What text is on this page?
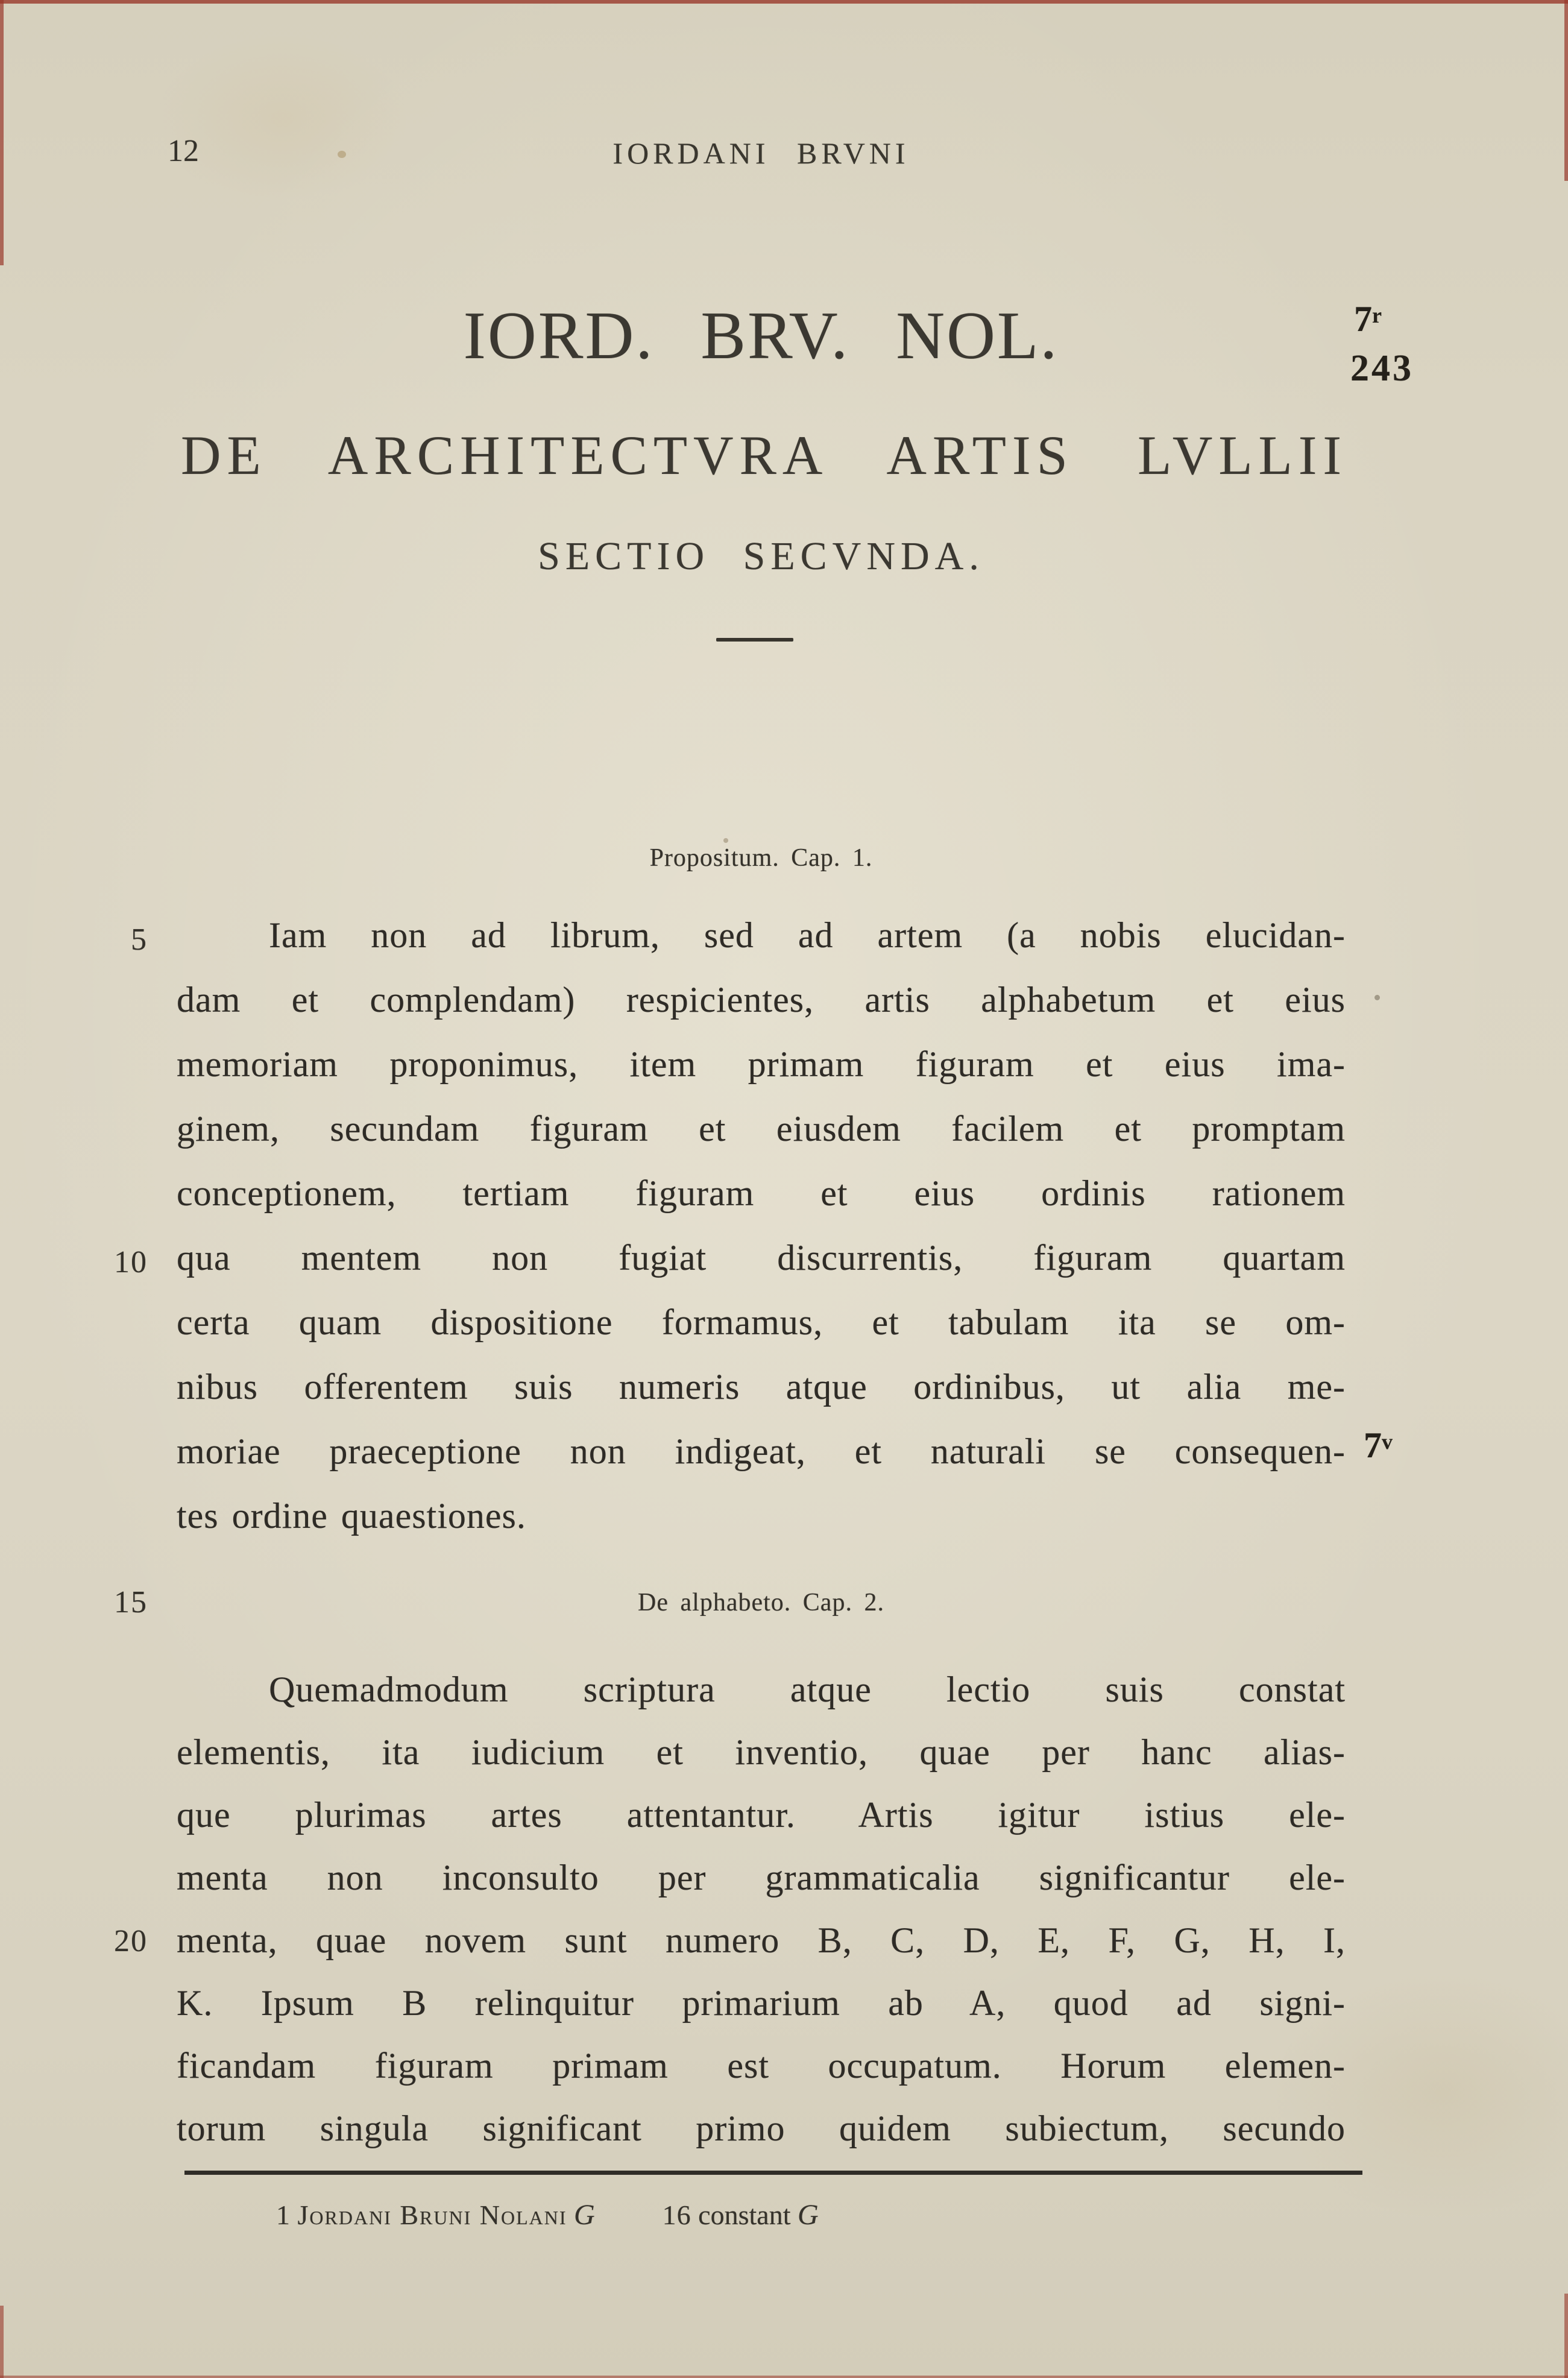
12	IORDANI BRVNI
IORD. BRV. NOL.	7$^r$
243
DE ARCHITECTVRA ARTIS LVLLII
SECTIO SECVNDA.
Propositum. Cap. 1.
5
10
Iam non ad librum, sed ad artem (a nobis elucidan-
dam et complendam) respicientes, artis alphabetum et eius
memoriam proponimus, item primam figuram et eius ima-
ginem, secundam figuram et eiusdem facilem et promptam
conceptionem, tertiam figuram et eius ordinis rationem
qua mentem non fugiat discurrentis, figuram quartam
certa quam dispositione formamus, et tabulam ita se om-
nibus offerentem suis numeris atque ordinibus, ut alia me-
moriae praeceptione non indigeat, et naturali se consequen-
tes ordine quaestiones.
7$^v$
15	De alphabeto. Cap. 2.
20
Quemadmodum scriptura atque lectio suis constat
elementis, ita iudicium et inventio, quae per hanc alias-
que plurimas artes attentantur. Artis igitur istius ele-
menta non inconsulto per grammaticalia significantur ele-
menta, quae novem sunt numero B, C, D, E, F, G, H, I,
K. Ipsum B relinquitur primarium ab A, quod ad signi-
ficandam figuram primam est occupatum. Horum elemen-
torum singula significant primo quidem subiectum, secundo
1 Jordani Bruni Nolani G 16 constant G
